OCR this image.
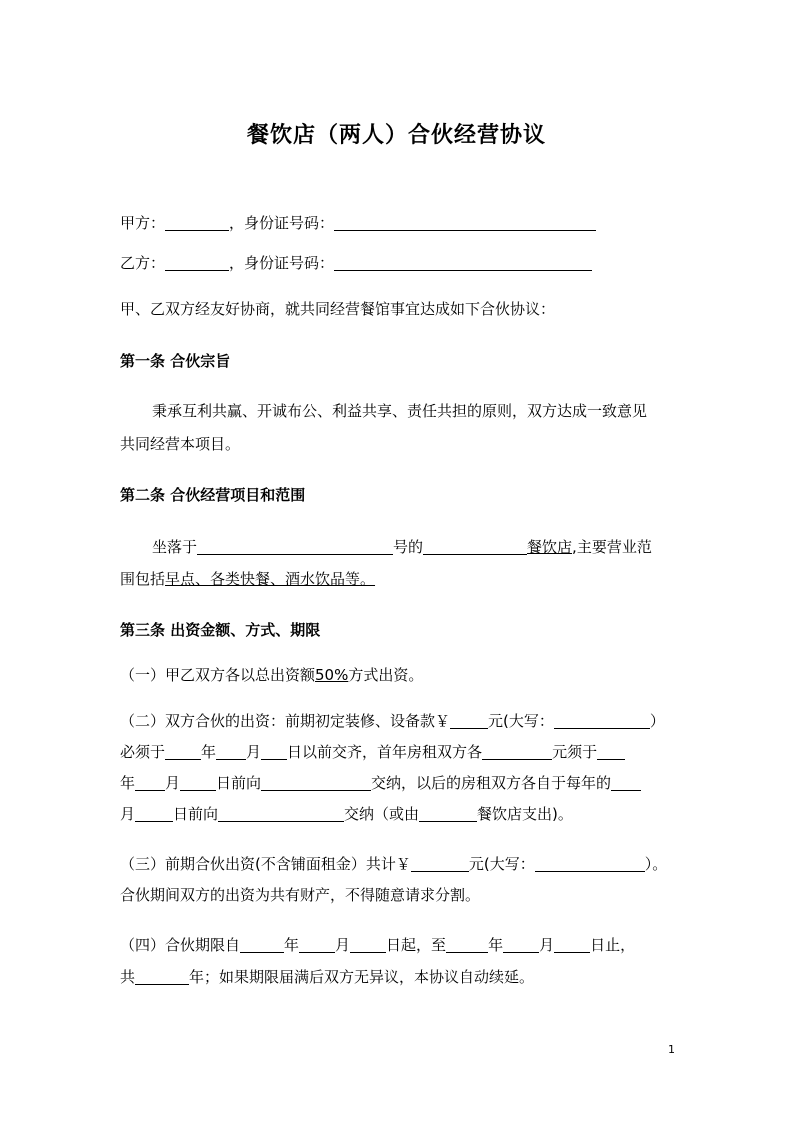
餐饮店（两人）合伙经营协议
甲方：	，身份证号码：
乙方：	，身份证号码：
甲、乙双方经友好协商，就共同经营餐馆事宜达成如下合伙协议：
第一条 合伙宗旨
秉承互利共赢、开诚布公、利益共享、责任共担的原则，双方达成一致意见
共同经营本项目。
第二条 合伙经营项目和范围
坐落于	号的	餐饮店,主要营业范
围包括早点、各类快餐、酒水饮品等。
第三条 出资金额、方式、期限
（一）甲乙双方各以总出资额50%方式出资。
（二）双方合伙的出资：前期初定装修、设备款￥	元(大写：	）
必须于 年 月 日以前交齐，首年房租双方各	元须于
年 月 日前向	交纳，以后的房租双方各自于每年的
月	日前向	交纳（或由	餐饮店支出)。
（三）前期合伙出资(不含铺面租金）共计￥	元(大写：	）。
合伙期间双方的出资为共有财产，不得随意请求分割。
（四）合伙期限自	年 月 日起，至	年 月 日止，
共	年；如果期限届满后双方无异议，本协议自动续延。
1
